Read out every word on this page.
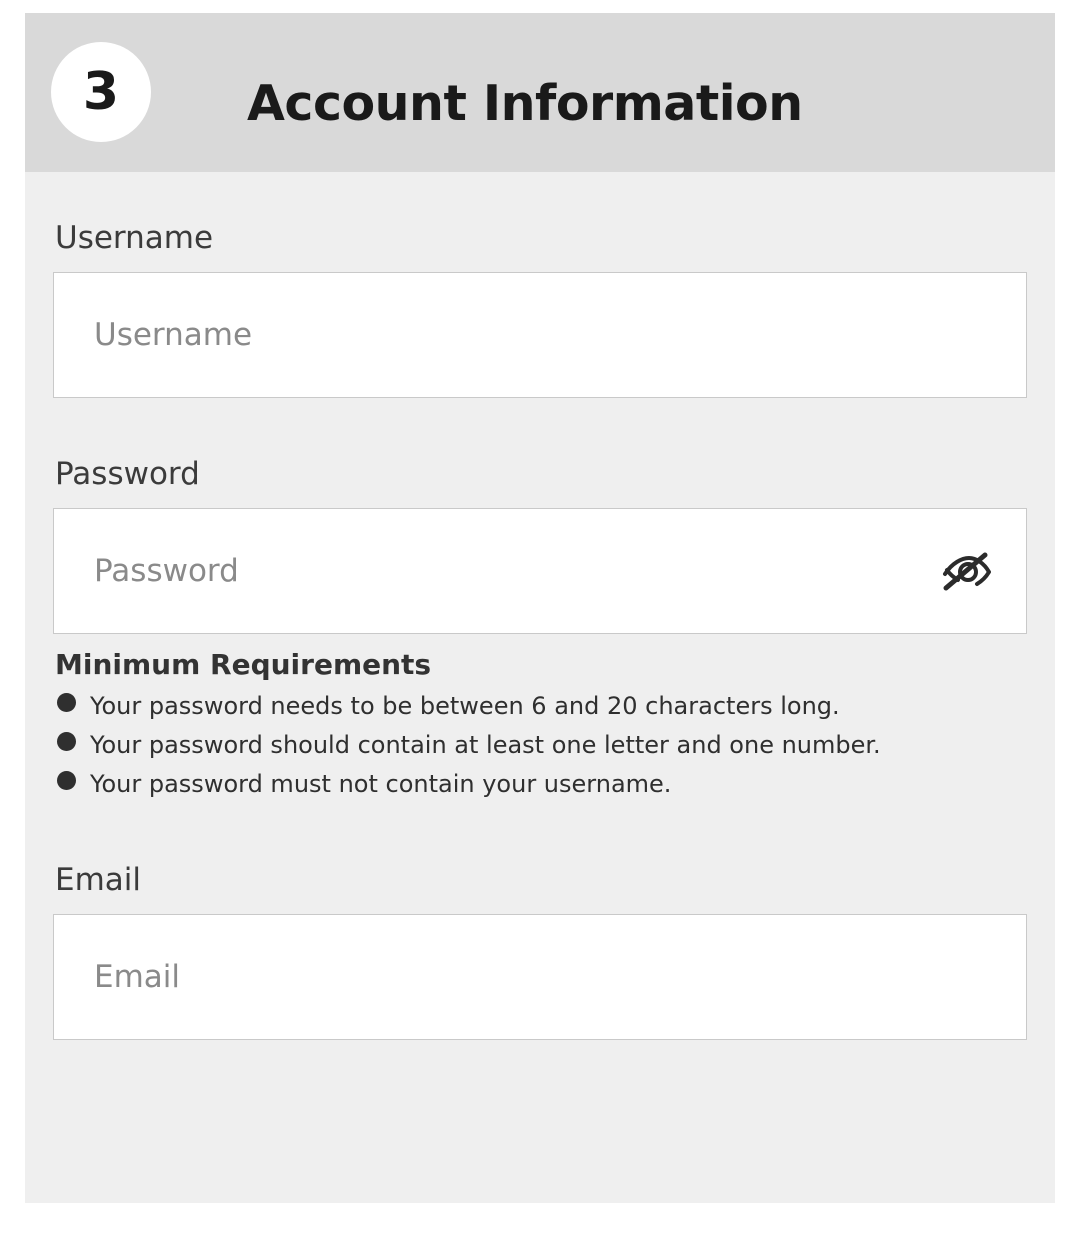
3	Account Information
Username
Username
Password
Password
Minimum Requirements
Your password needs to be between 6 and 20 characters long.
Your password should contain at least one letter and one number.
Your password must not contain your username.
Email
Email
